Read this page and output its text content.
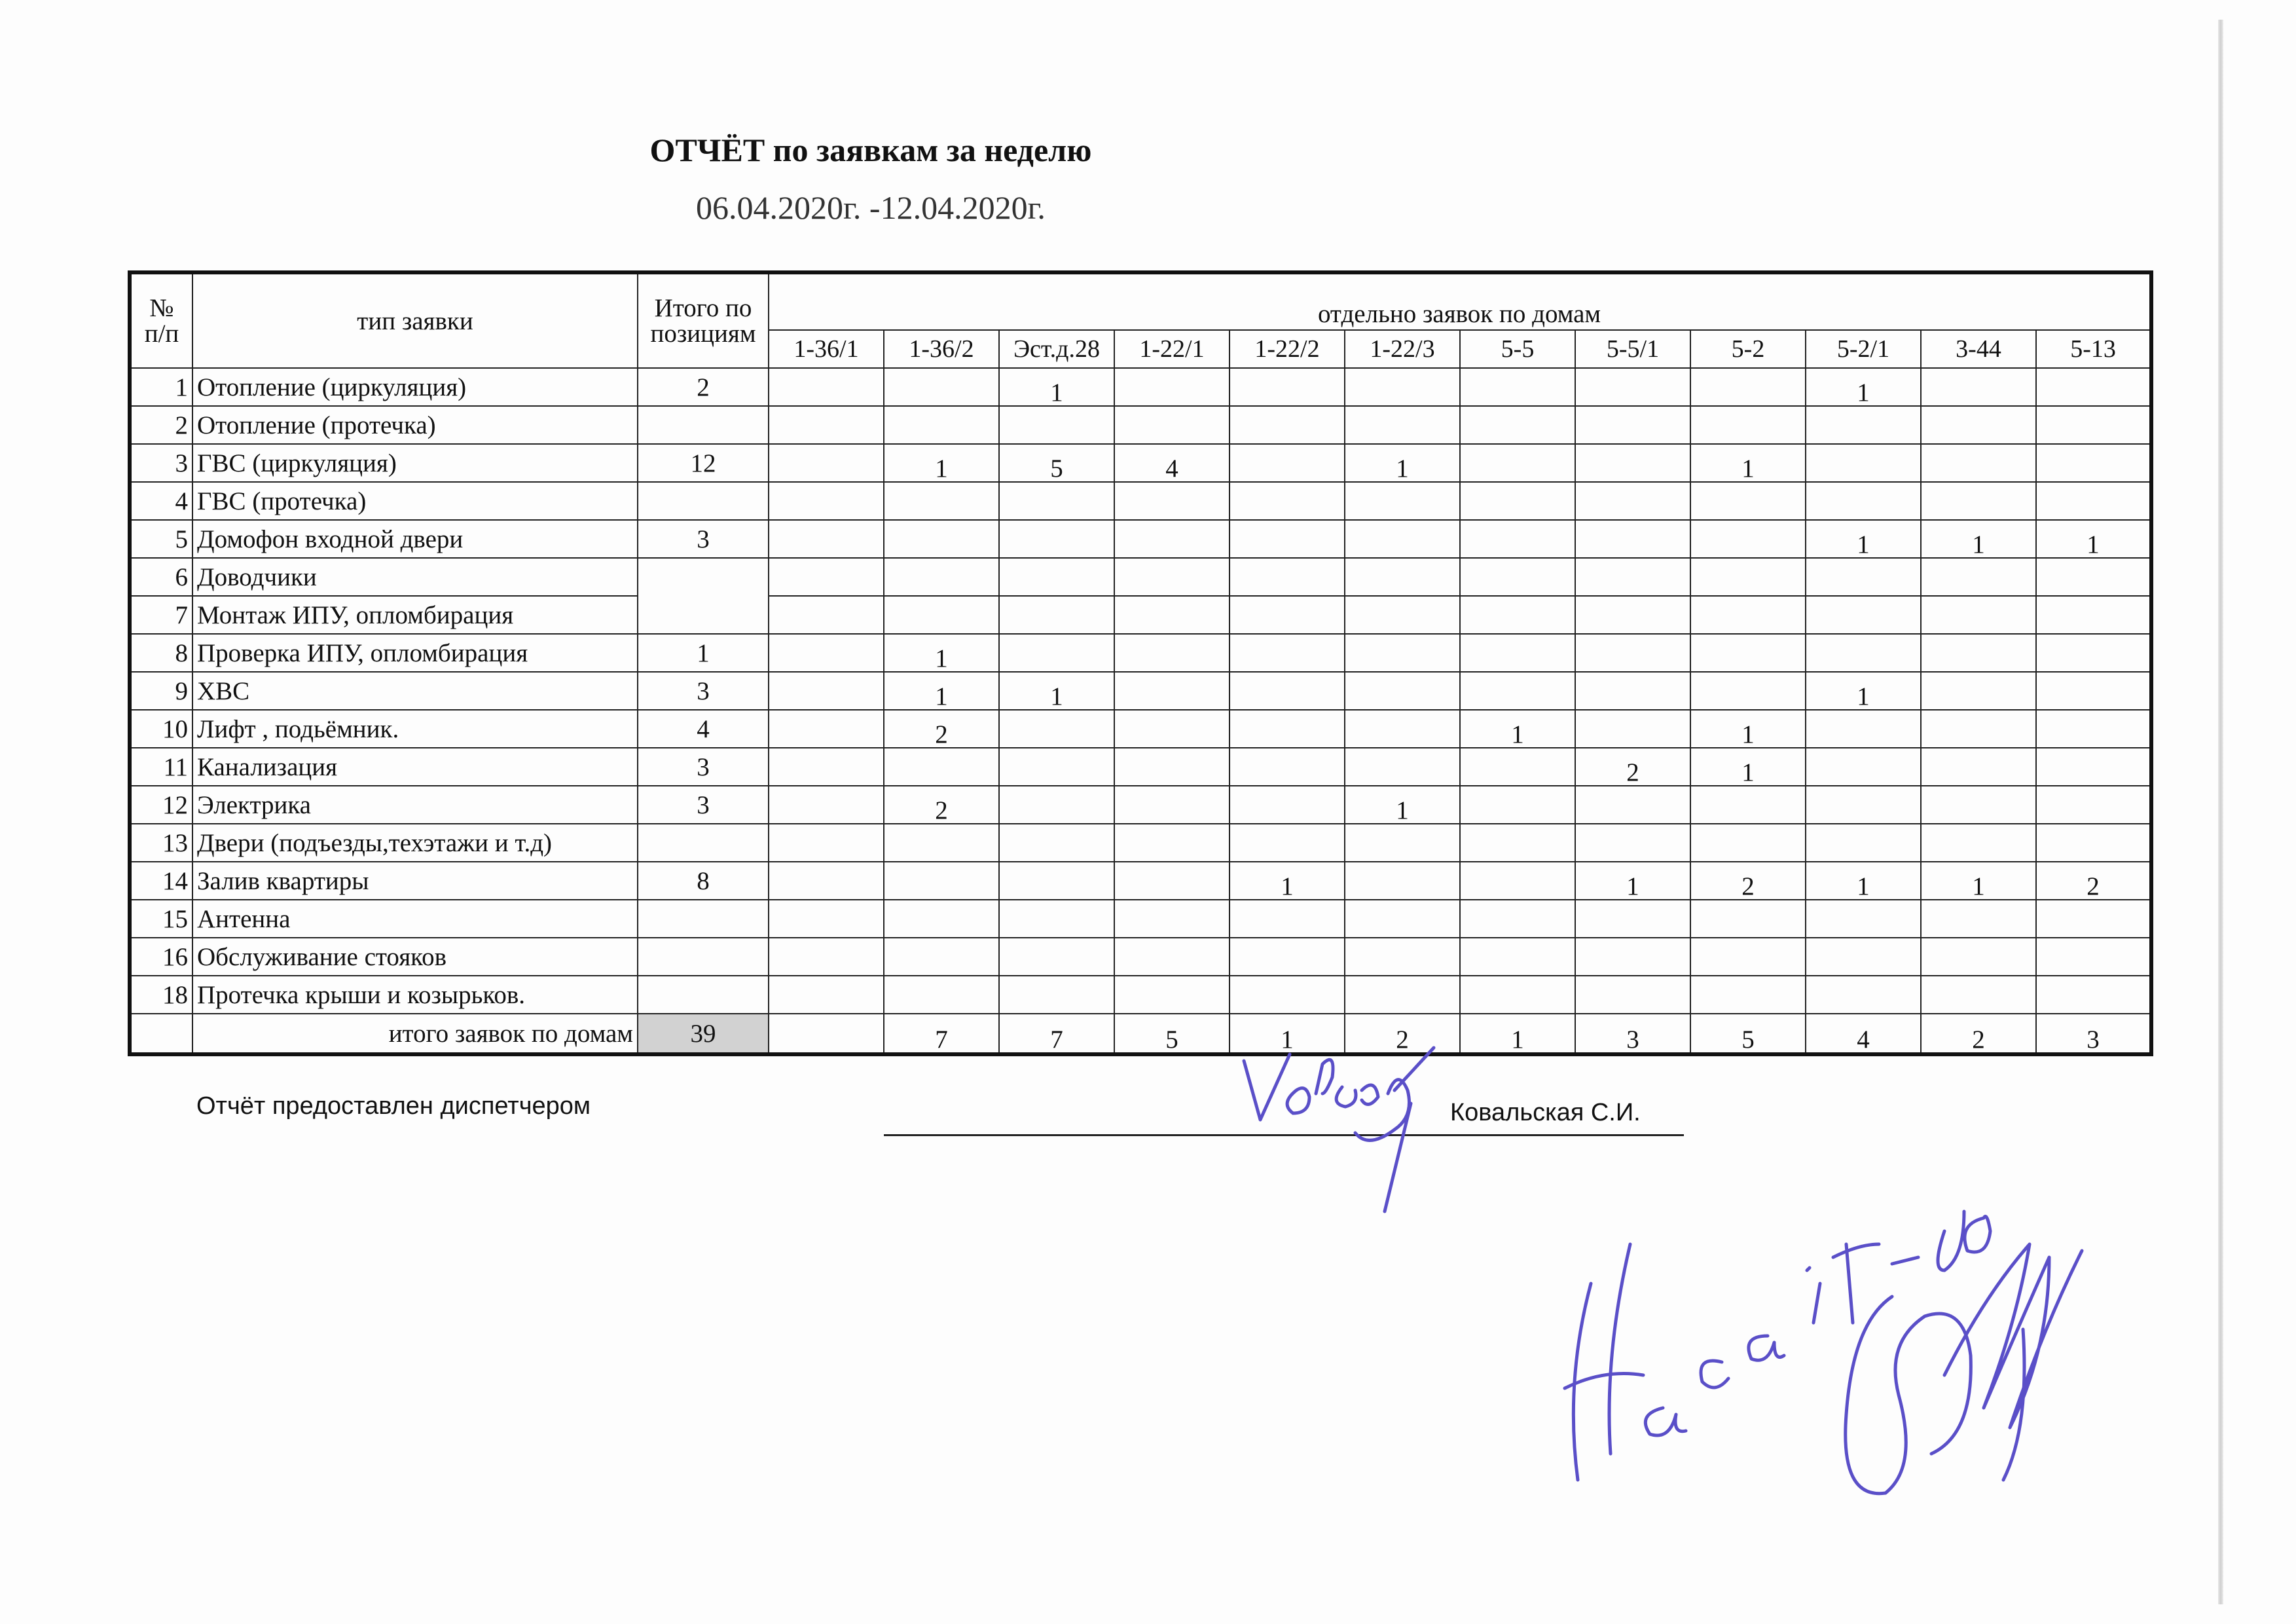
ОТЧЁТ по заявкам за неделю
06.04.2020г. -12.04.2020г.
№
п/п	тип заявки	Итого по
позициям	отдельно заявок по домам											
			1-36/1	1-36/2	Эст.д.28	1-22/1	1-22/2	1-22/3	5-5	5-5/1	5-2	5-2/1	3-44	5-13
1	Отопление (циркуляция)	2			1							1		
2	Отопление (протечка)													
3	ГВС (циркуляция)	12		1	5	4		1			1			
4	ГВС (протечка)													
5	Домофон входной двери	3										1	1	1
6	Доводчики													
7	Монтаж ИПУ, опломбирация													
8	Проверка ИПУ, опломбирация	1		1										
9	ХВС	3		1	1							1		
10	Лифт , подьёмник.	4		2					1		1			
11	Канализация	3								2	1			
12	Электрика	3		2				1						
13	Двери (подъезды,техэтажи и т.д)													
14	Залив квартиры	8					1			1	2	1	1	2
15	Антенна													
16	Обслуживание стояков													
18	Протечка крыши и козырьков.													
	итого заявок по домам	39		7	7	5	1	2	1	3	5	4	2	3
Отчёт предоставлен диспетчером	Ковальская С.И.
